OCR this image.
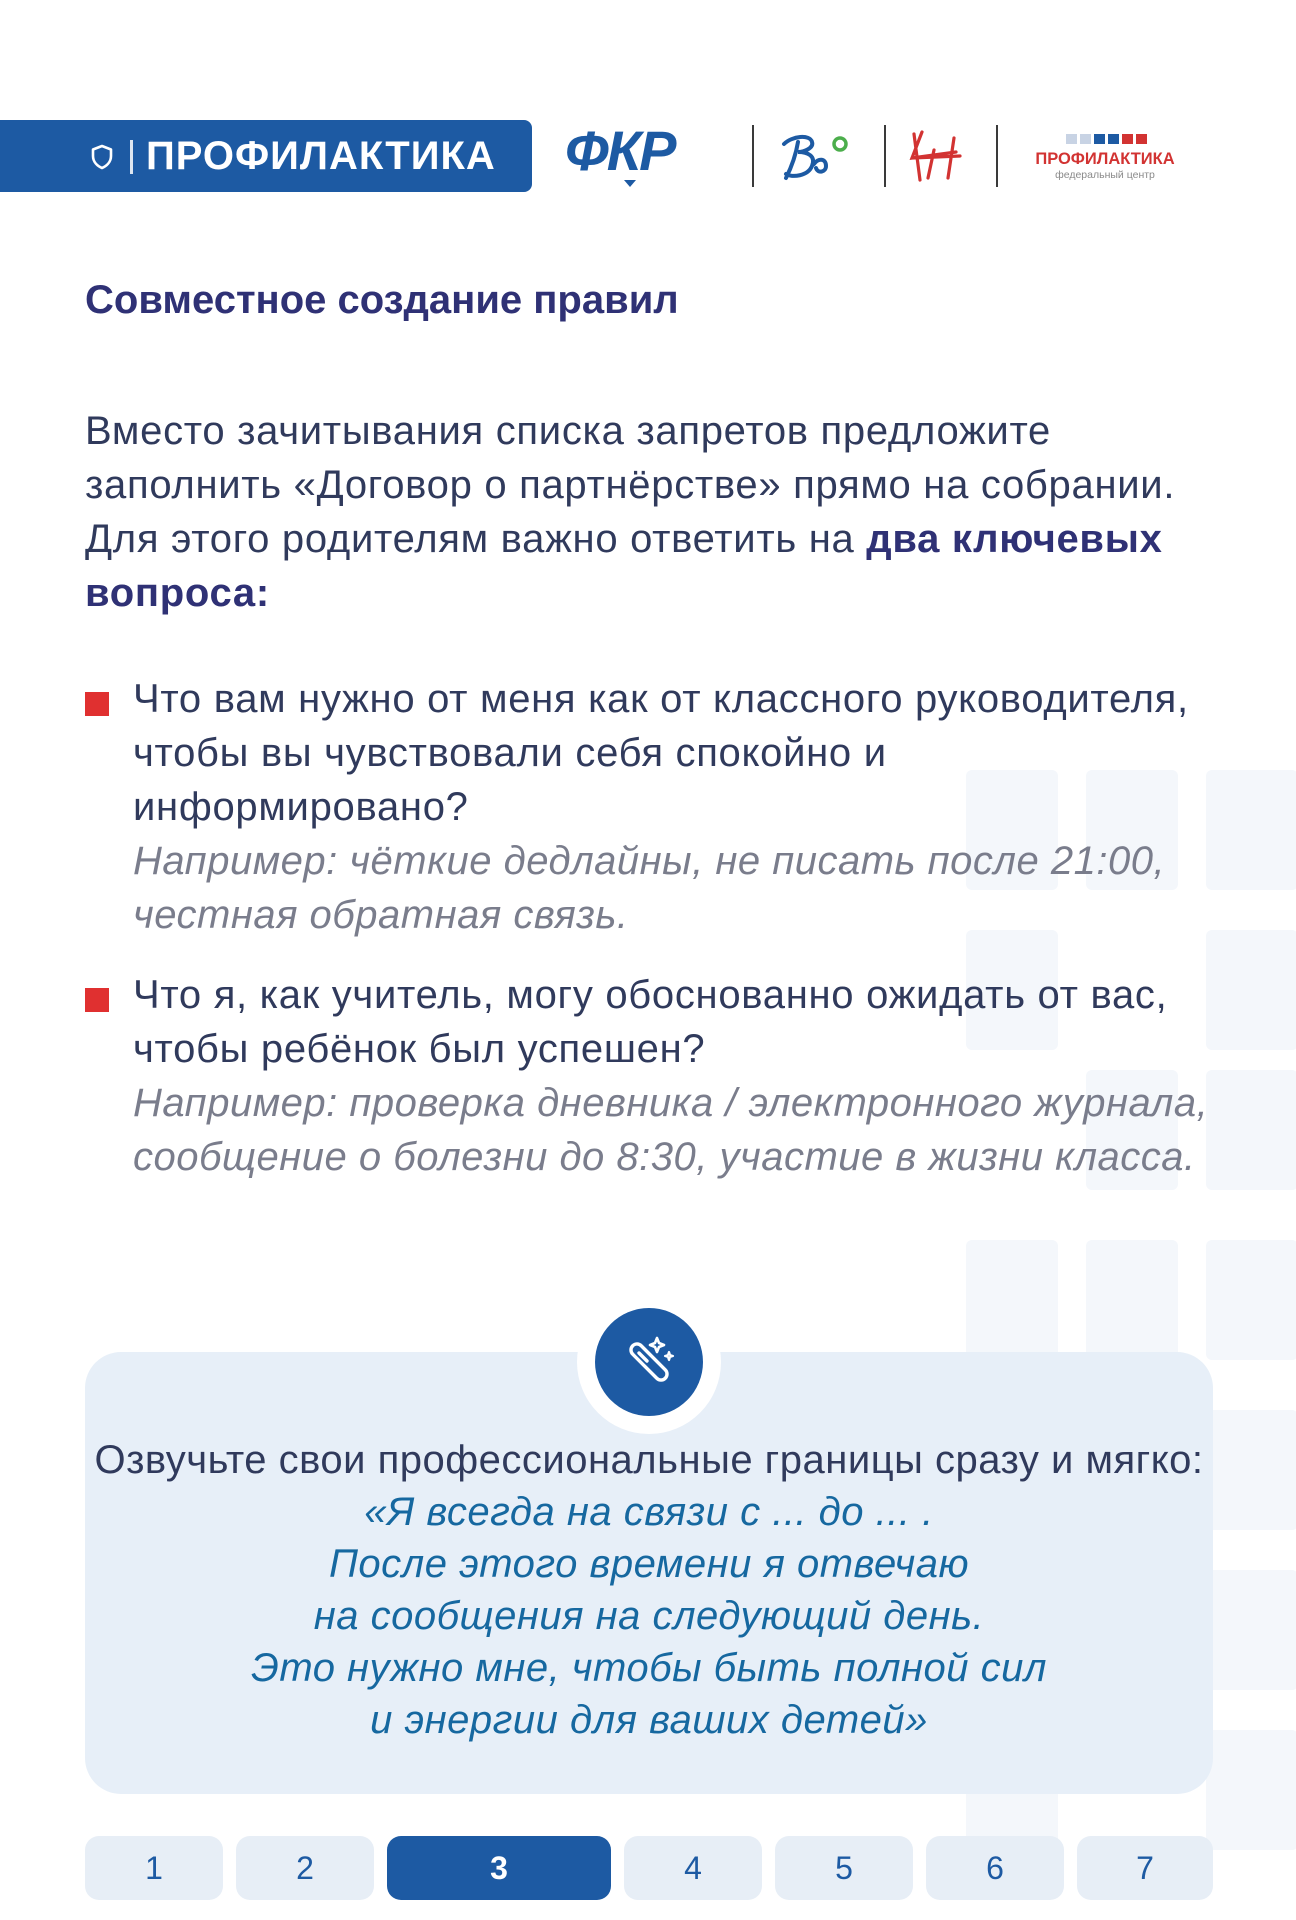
ПРОФИЛАКТИКА ФКР	ПРОФИЛАКТИКА
федеральный центр
Совместное создание правил

Вместо зачитывания списка запретов предложите заполнить «Договор о партнёрстве» прямо на собрании. Для этого родителям важно ответить на два ключевых вопроса:

Что вам нужно от меня как от классного руководителя, чтобы вы чувствовали себя спокойно и информировано?

Например: чёткие дедлайны, не писать после 21:00, честная обратная связь.

Что я, как учитель, могу обоснованно ожидать от вас, чтобы ребёнок был успешен?

Например: проверка дневника / электронного журнала, сообщение о болезни до 8:30, участие в жизни класса.

Озвучьте свои профессиональные границы сразу и мягко: «Я всегда на связи с ... до ... .
После этого времени я отвечаю
на сообщения на следующий день.
Это нужно мне, чтобы быть полной сил
и энергии для ваших детей»

1	2	3	4	5	6	7
